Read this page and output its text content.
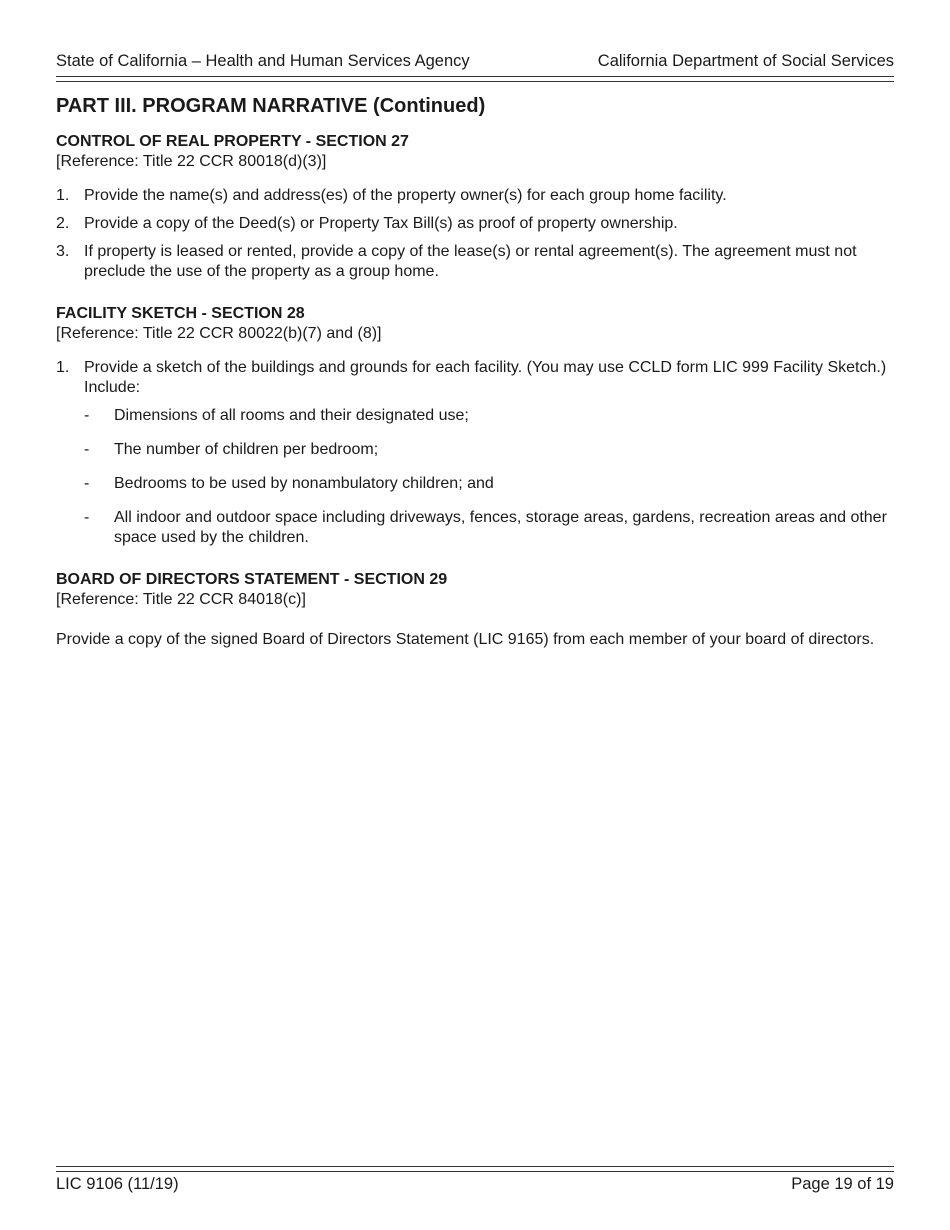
State of California – Health and Human Services Agency	California Department of Social Services
PART III. PROGRAM NARRATIVE (Continued)
CONTROL OF REAL PROPERTY - SECTION 27
[Reference: Title 22 CCR 80018(d)(3)]
1. Provide the name(s) and address(es) of the property owner(s) for each group home facility.
2. Provide a copy of the Deed(s) or Property Tax Bill(s) as proof of property ownership.
3. If property is leased or rented, provide a copy of the lease(s) or rental agreement(s). The agreement must not preclude the use of the property as a group home.
FACILITY SKETCH - SECTION 28
[Reference: Title 22 CCR 80022(b)(7) and (8)]
1. Provide a sketch of the buildings and grounds for each facility. (You may use CCLD form LIC 999 Facility Sketch.) Include:
-	Dimensions of all rooms and their designated use;
-	The number of children per bedroom;
-	Bedrooms to be used by nonambulatory children; and
-	All indoor and outdoor space including driveways, fences, storage areas, gardens, recreation areas and other space used by the children.
BOARD OF DIRECTORS STATEMENT - SECTION 29
[Reference: Title 22 CCR 84018(c)]

Provide a copy of the signed Board of Directors Statement (LIC 9165) from each member of your board of directors.

LIC 9106 (11/19)	Page 19 of 19
